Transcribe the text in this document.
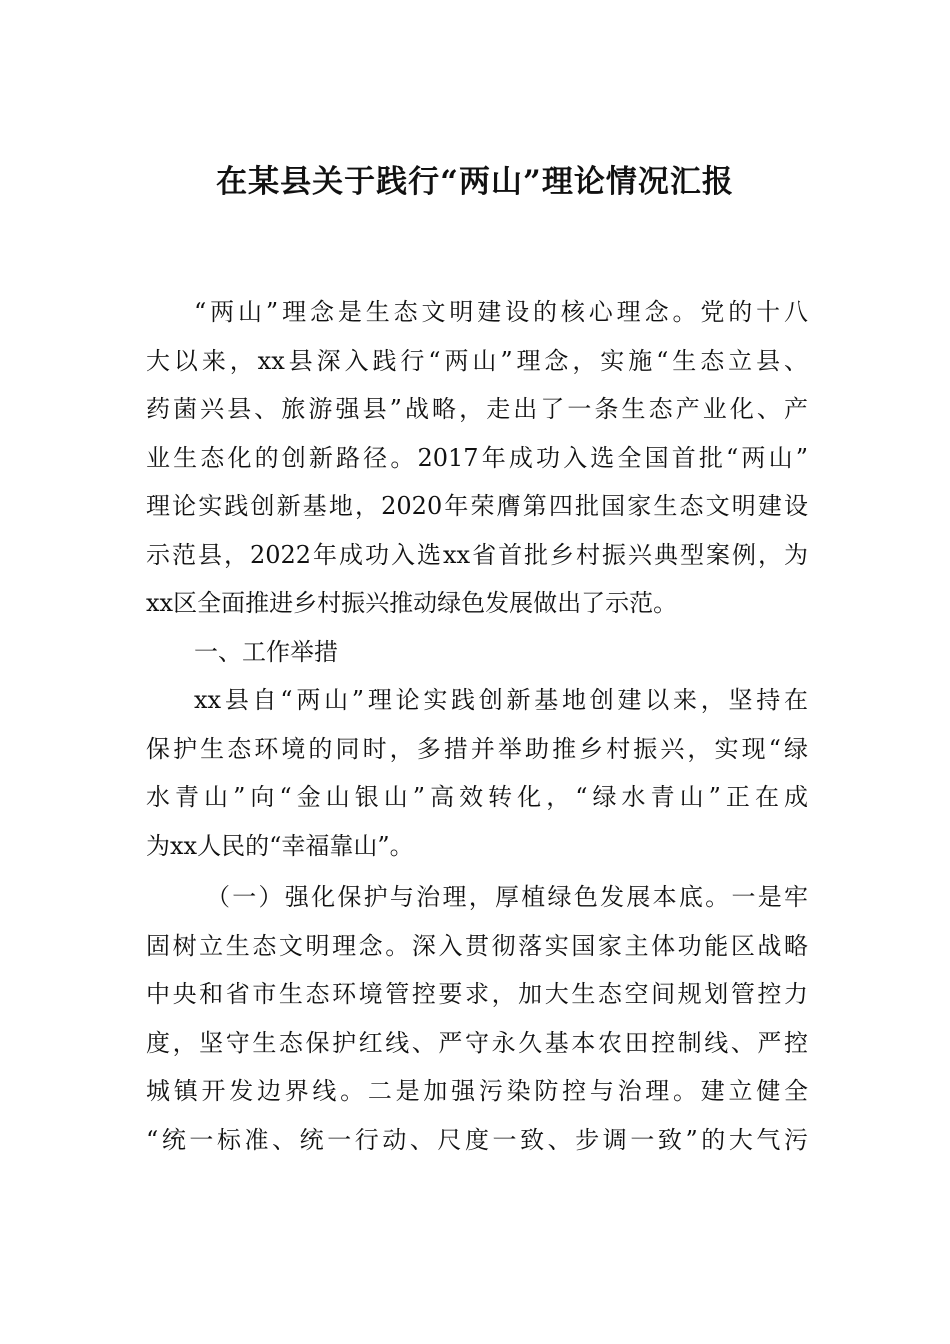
在某县关于践行“两山”理论情况汇报
“两山”理念是生态文明建设的核心理念。党的十八
大以来，xx县深入践行“两山”理念，实施“生态立县、
药菌兴县、旅游强县”战略，走出了一条生态产业化、产
业生态化的创新路径。2017年成功入选全国首批“两山”
理论实践创新基地，2020年荣膺第四批国家生态文明建设
示范县，2022年成功入选xx省首批乡村振兴典型案例，为
xx区全面推进乡村振兴推动绿色发展做出了示范。
一、工作举措
xx县自“两山”理论实践创新基地创建以来，坚持在
保护生态环境的同时，多措并举助推乡村振兴，实现“绿
水青山”向“金山银山”高效转化，“绿水青山”正在成
为xx人民的“幸福靠山”。
（一）强化保护与治理，厚植绿色发展本底。一是牢
固树立生态文明理念。深入贯彻落实国家主体功能区战略
中央和省市生态环境管控要求，加大生态空间规划管控力
度，坚守生态保护红线、严守永久基本农田控制线、严控
城镇开发边界线。二是加强污染防控与治理。建立健全
“统一标准、统一行动、尺度一致、步调一致”的大气污
